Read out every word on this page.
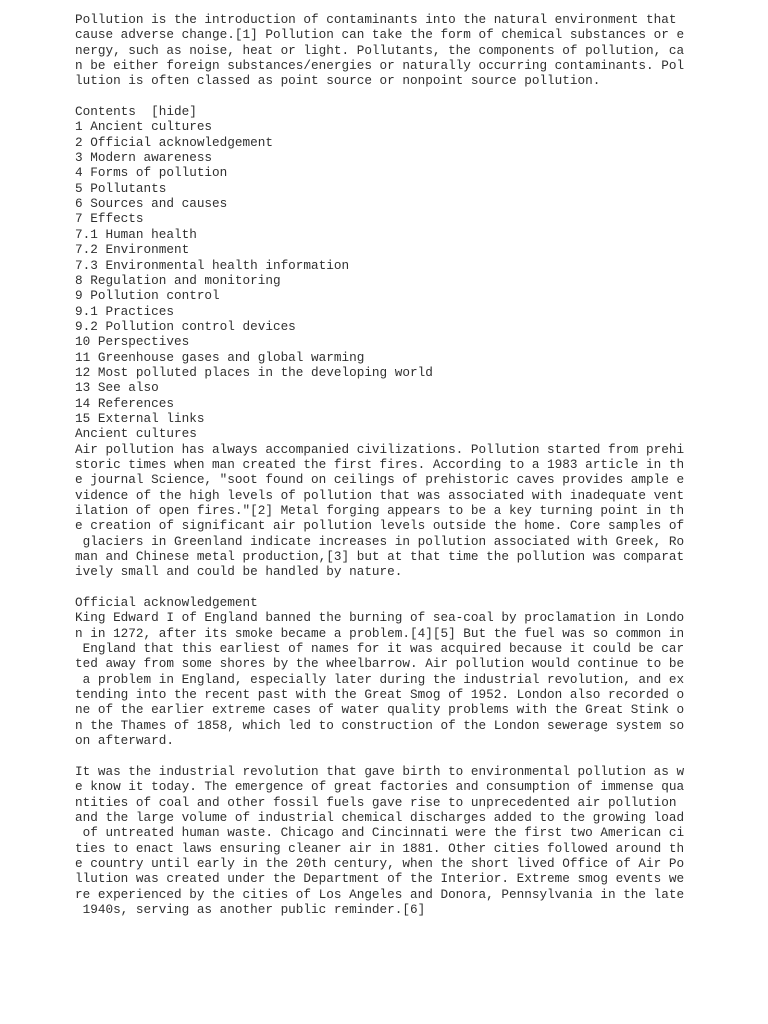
Pollution is the introduction of contaminants into the natural environment that
cause adverse change.[1] Pollution can take the form of chemical substances or e
nergy, such as noise, heat or light. Pollutants, the components of pollution, ca
n be either foreign substances/energies or naturally occurring contaminants. Pol
lution is often classed as point source or nonpoint source pollution.
Contents  [hide]
1 Ancient cultures
2 Official acknowledgement
3 Modern awareness
4 Forms of pollution
5 Pollutants
6 Sources and causes
7 Effects
7.1 Human health
7.2 Environment
7.3 Environmental health information
8 Regulation and monitoring
9 Pollution control
9.1 Practices
9.2 Pollution control devices
10 Perspectives
11 Greenhouse gases and global warming
12 Most polluted places in the developing world
13 See also
14 References
15 External links
Ancient cultures
Air pollution has always accompanied civilizations. Pollution started from prehi
storic times when man created the first fires. According to a 1983 article in th
e journal Science, "soot found on ceilings of prehistoric caves provides ample e
vidence of the high levels of pollution that was associated with inadequate vent
ilation of open fires."[2] Metal forging appears to be a key turning point in th
e creation of significant air pollution levels outside the home. Core samples of
glaciers in Greenland indicate increases in pollution associated with Greek, Ro
man and Chinese metal production,[3] but at that time the pollution was comparat
ively small and could be handled by nature.
Official acknowledgement
King Edward I of England banned the burning of sea-coal by proclamation in Londo
n in 1272, after its smoke became a problem.[4][5] But the fuel was so common in
England that this earliest of names for it was acquired because it could be car
ted away from some shores by the wheelbarrow. Air pollution would continue to be
a problem in England, especially later during the industrial revolution, and ex
tending into the recent past with the Great Smog of 1952. London also recorded o
ne of the earlier extreme cases of water quality problems with the Great Stink o
n the Thames of 1858, which led to construction of the London sewerage system so
on afterward.
It was the industrial revolution that gave birth to environmental pollution as w
e know it today. The emergence of great factories and consumption of immense qua
ntities of coal and other fossil fuels gave rise to unprecedented air pollution
and the large volume of industrial chemical discharges added to the growing load
of untreated human waste. Chicago and Cincinnati were the first two American ci
ties to enact laws ensuring cleaner air in 1881. Other cities followed around th
e country until early in the 20th century, when the short lived Office of Air Po
llution was created under the Department of the Interior. Extreme smog events we
re experienced by the cities of Los Angeles and Donora, Pennsylvania in the late
1940s, serving as another public reminder.[6]
